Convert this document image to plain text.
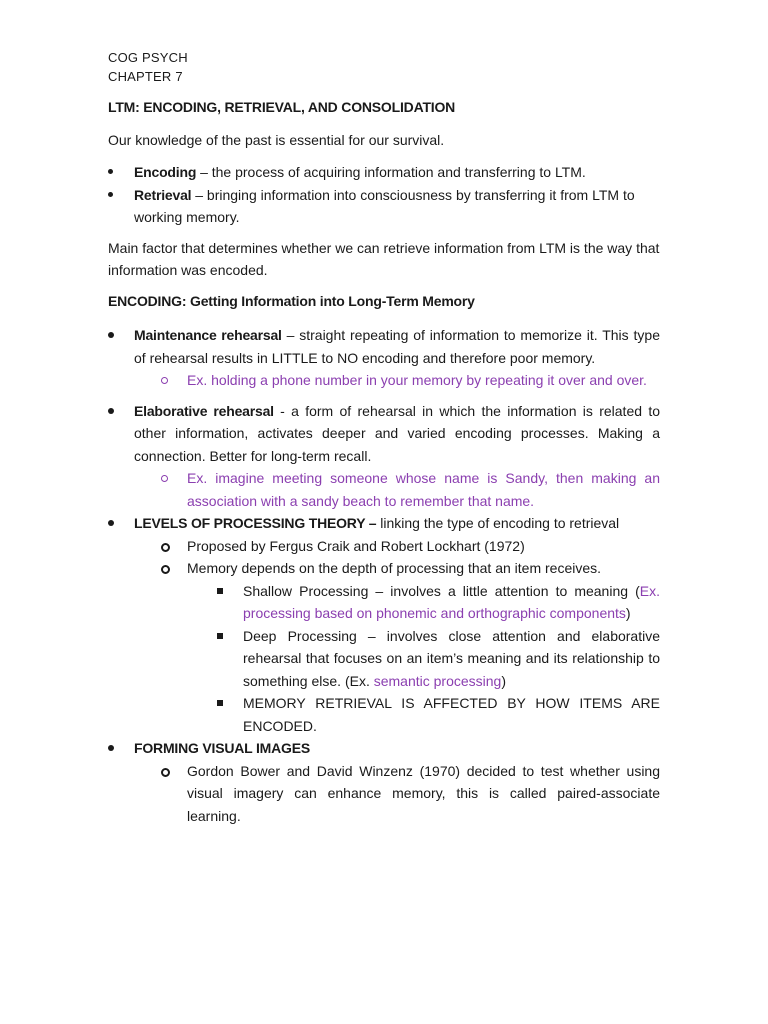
COG PSYCH
CHAPTER 7

LTM: ENCODING, RETRIEVAL, AND CONSOLIDATION

Our knowledge of the past is essential for our survival.

Encoding – the process of acquiring information and transferring to LTM.
Retrieval – bringing information into consciousness by transferring it from LTM to working memory.

Main factor that determines whether we can retrieve information from LTM is the way that information was encoded.

ENCODING: Getting Information into Long-Term Memory

Maintenance rehearsal – straight repeating of information to memorize it. This type of rehearsal results in LITTLE to NO encoding and therefore poor memory.
Ex. holding a phone number in your memory by repeating it over and over.
Elaborative rehearsal - a form of rehearsal in which the information is related to other information, activates deeper and varied encoding processes. Making a connection. Better for long-term recall.
Ex. imagine meeting someone whose name is Sandy, then making an association with a sandy beach to remember that name.
LEVELS OF PROCESSING THEORY – linking the type of encoding to retrieval
Proposed by Fergus Craik and Robert Lockhart (1972)
Memory depends on the depth of processing that an item receives.
Shallow Processing – involves a little attention to meaning (Ex. processing based on phonemic and orthographic components)
Deep Processing – involves close attention and elaborative rehearsal that focuses on an item’s meaning and its relationship to something else. (Ex. semantic processing)
MEMORY RETRIEVAL IS AFFECTED BY HOW ITEMS ARE ENCODED.
FORMING VISUAL IMAGES
Gordon Bower and David Winzenz (1970) decided to test whether using visual imagery can enhance memory, this is called paired-associate learning.
